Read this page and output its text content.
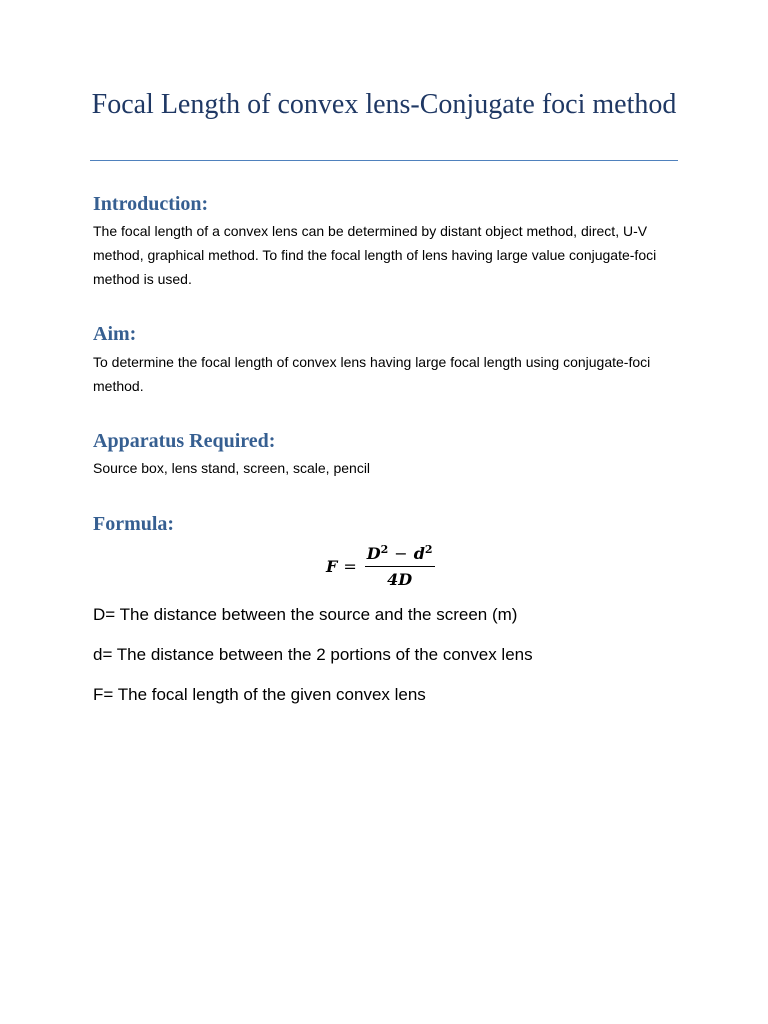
Focal Length of convex lens-Conjugate foci method
Introduction:

The focal length of a convex lens can be determined by distant object method, direct, U-V method, graphical method. To find the focal length of lens having large value conjugate-foci method is used.

Aim:

To determine the focal length of convex lens having large focal length using conjugate-foci method.

Apparatus Required:

Source box, lens stand, screen, scale, pencil

Formula:
$F = \frac{D^2 - d^2}{4D}$

D= The distance between the source and the screen (m)

d= The distance between the 2 portions of the convex lens

F= The focal length of the given convex lens
